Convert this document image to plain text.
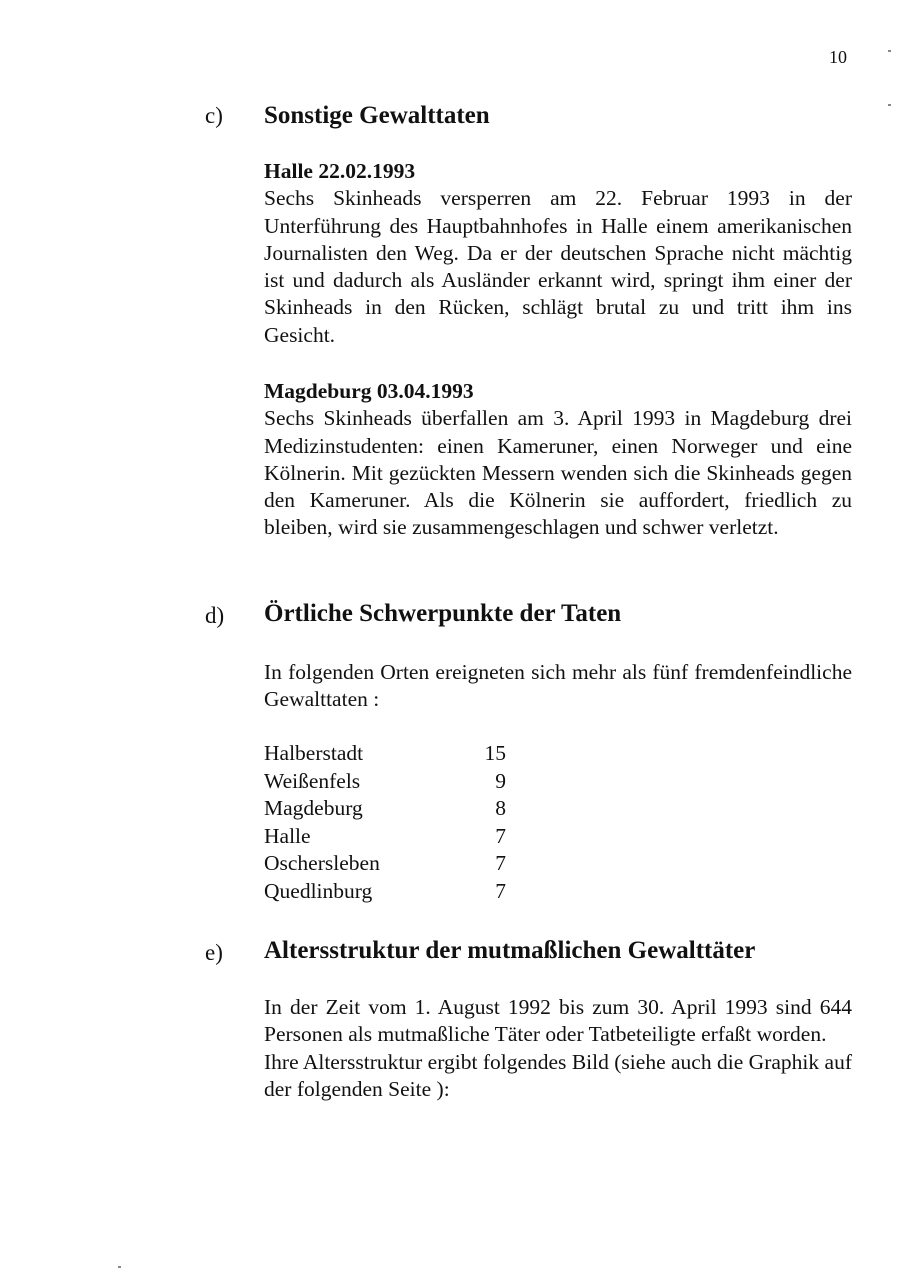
10
c) Sonstige Gewalttaten
Halle 22.02.1993
Sechs Skinheads versperren am 22. Februar 1993 in der Unterführung des Hauptbahnhofes in Halle einem amerikanischen Journalisten den Weg. Da er der deutschen Sprache nicht mächtig ist und dadurch als Ausländer erkannt wird, springt ihm einer der Skinheads in den Rücken, schlägt brutal zu und tritt ihm ins Gesicht.
Magdeburg 03.04.1993
Sechs Skinheads überfallen am 3. April 1993 in Magdeburg drei Medizinstudenten: einen Kameruner, einen Norweger und eine Kölnerin. Mit gezückten Messern wenden sich die Skinheads gegen den Kameruner. Als die Kölnerin sie auffordert, friedlich zu bleiben, wird sie zusammengeschlagen und schwer verletzt.
d) Örtliche Schwerpunkte der Taten
In folgenden Orten ereigneten sich mehr als fünf fremdenfeindliche Gewalttaten :
Halberstadt	15
Weißenfels	9
Magdeburg	8
Halle	7
Oschersleben	7
Quedlinburg	7
e) Altersstruktur der mutmaßlichen Gewalttäter
In der Zeit vom 1. August 1992 bis zum 30. April 1993 sind 644 Personen als mutmaßliche Täter oder Tatbeteiligte erfaßt worden.
Ihre Altersstruktur ergibt folgendes Bild (siehe auch die Graphik auf der folgenden Seite ):
